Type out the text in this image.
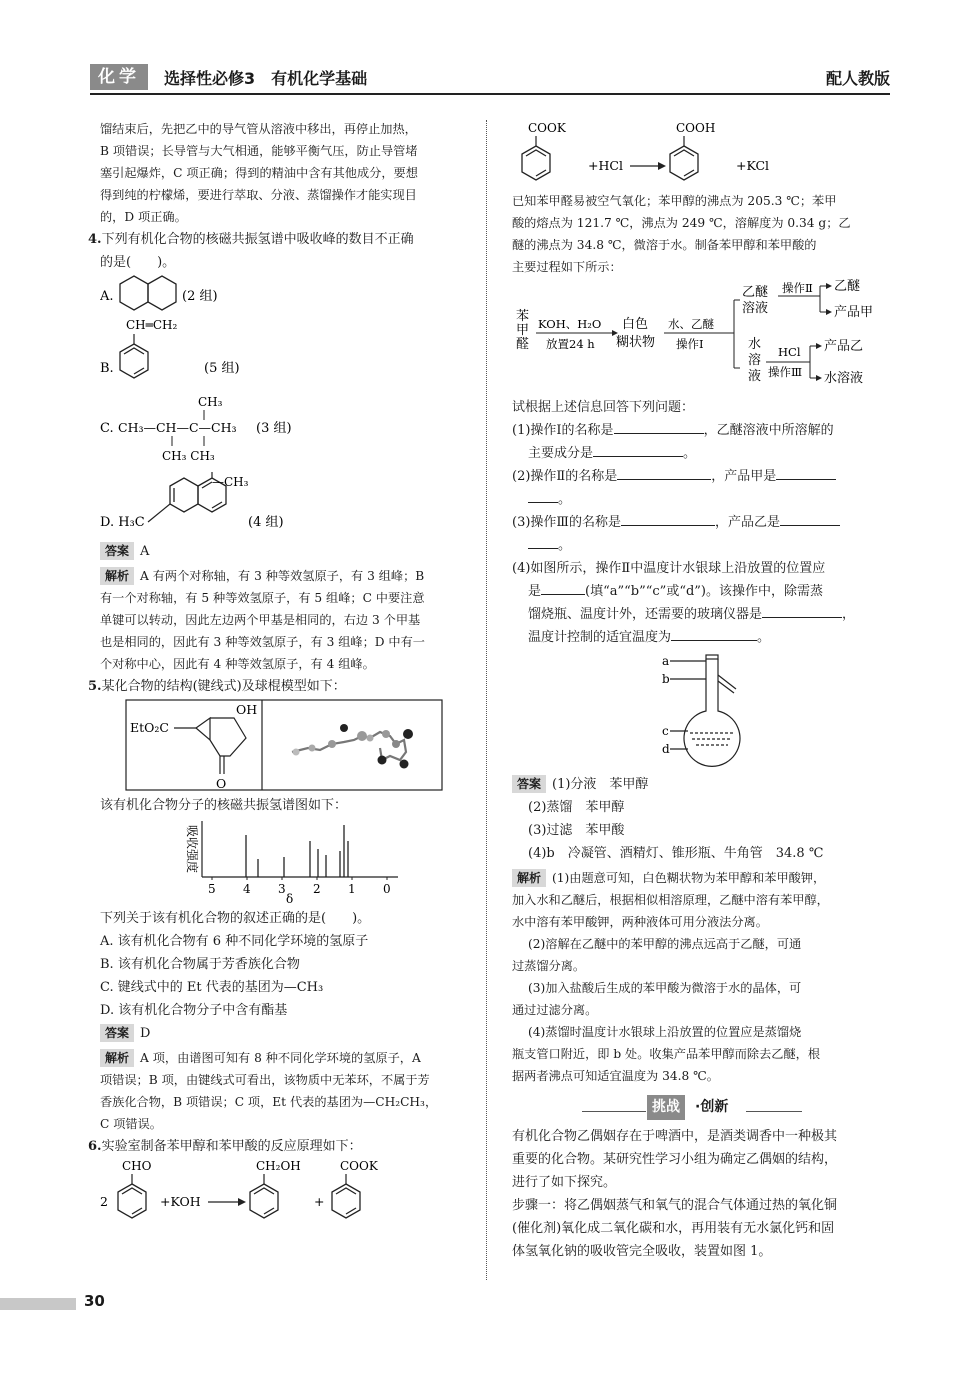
化学	选择性必修3　有机化学基础	配人教版

馏结束后，先把乙中的导气管从溶液中移出，再停止加热，

B 项错误；长导管与大气相通，能够平衡气压，防止导管堵

塞引起爆炸，C 项正确；得到的精油中含有其他成分，要想

得到纯的柠檬烯，要进行萃取、分液、蒸馏操作才能实现目

的，D 项正确。

4.下列有机化合物的核磁共振氢谱中吸收峰的数目不正确

的是(　　)。

A.	(2 组)
CH═CH₂
B.	(5 组)
CH₃
C. CH₃—CH—C—CH₃
CH₃ CH₃
(3 组)
—CH₃
D. H₃C	(4 组)

答案 A

解析 A 有两个对称轴，有 3 种等效氢原子，有 3 组峰；B

有一个对称轴，有 5 种等效氢原子，有 5 组峰；C 中要注意

单键可以转动，因此左边两个甲基是相同的，右边 3 个甲基

也是相同的，因此有 3 种等效氢原子，有 3 组峰；D 中有一

个对称中心，因此有 4 种等效氢原子，有 4 组峰。

5.某化合物的结构(键线式)及球棍模型如下：

EtO₂C
OH
O

该有机化合物分子的核磁共振氢谱图如下：

吸收强度
5 4 3 2 1 0
δ

下列关于该有机化合物的叙述正确的是(　　)。

A. 该有机化合物有 6 种不同化学环境的氢原子

B. 该有机化合物属于芳香族化合物

C. 键线式中的 Et 代表的基团为—CH₃

D. 该有机化合物分子中含有酯基

答案 D

解析 A 项，由谱图可知有 8 种不同化学环境的氢原子，A

项错误；B 项，由键线式可看出，该物质中无苯环，不属于芳

香族化合物，B 项错误；C 项，Et 代表的基团为—CH₂CH₃，

C 项错误。

6.实验室制备苯甲醇和苯甲酸的反应原理如下：

CHO
2	+KOH
CH₂OH
+
COOK
COOK
+HCl
COOH
+KCl

已知苯甲醛易被空气氧化；苯甲醇的沸点为 205.3 ℃；苯甲

酸的熔点为 121.7 ℃，沸点为 249 ℃，溶解度为 0.34 g；乙

醚的沸点为 34.8 ℃，微溶于水。制备苯甲醇和苯甲酸的

主要过程如下所示：

苯
甲
醛
KOH、H₂O
放置24 h
白色
糊状物
水、乙醚
操作Ⅰ
乙醚
溶液
操作Ⅱ 乙醚
产品甲
水
溶
液
HCl
操作Ⅲ
产品乙
水溶液

试根据上述信息回答下列问题：

(1)操作Ⅰ的名称是	，乙醚溶液中所溶解的

主要成分是	。

(2)操作Ⅱ的名称是	，产品甲是

。

(3)操作Ⅲ的名称是	，产品乙是

。

(4)如图所示，操作Ⅱ中温度计水银球上沿放置的位置应

是	(填“a”“b”“c”或“d”)。该操作中，除需蒸

馏烧瓶、温度计外，还需要的玻璃仪器是	，

温度计控制的适宜温度为	。

a
b
c
d

答案 (1)分液　苯甲醇

(2)蒸馏　苯甲醇

(3)过滤　苯甲酸

(4)b　冷凝管、酒精灯、锥形瓶、牛角管　34.8 ℃

解析 (1)由题意可知，白色糊状物为苯甲醇和苯甲酸钾，

加入水和乙醚后，根据相似相溶原理，乙醚中溶有苯甲醇，

水中溶有苯甲酸钾，两种液体可用分液法分离。

(2)溶解在乙醚中的苯甲醇的沸点远高于乙醚，可通

过蒸馏分离。

(3)加入盐酸后生成的苯甲酸为微溶于水的晶体，可

通过过滤分离。

(4)蒸馏时温度计水银球上沿放置的位置应是蒸馏烧

瓶支管口附近，即 b 处。收集产品苯甲醇而除去乙醚，根

据两者沸点可知适宜温度为 34.8 ℃。

挑战	·创新

有机化合物乙偶姻存在于啤酒中，是酒类调香中一种极其

重要的化合物。某研究性学习小组为确定乙偶姻的结构，

进行了如下探究。

步骤一：将乙偶姻蒸气和氧气的混合气体通过热的氧化铜

(催化剂)氧化成二氧化碳和水，再用装有无水氯化钙和固

体氢氧化钠的吸收管完全吸收，装置如图 1。

30
